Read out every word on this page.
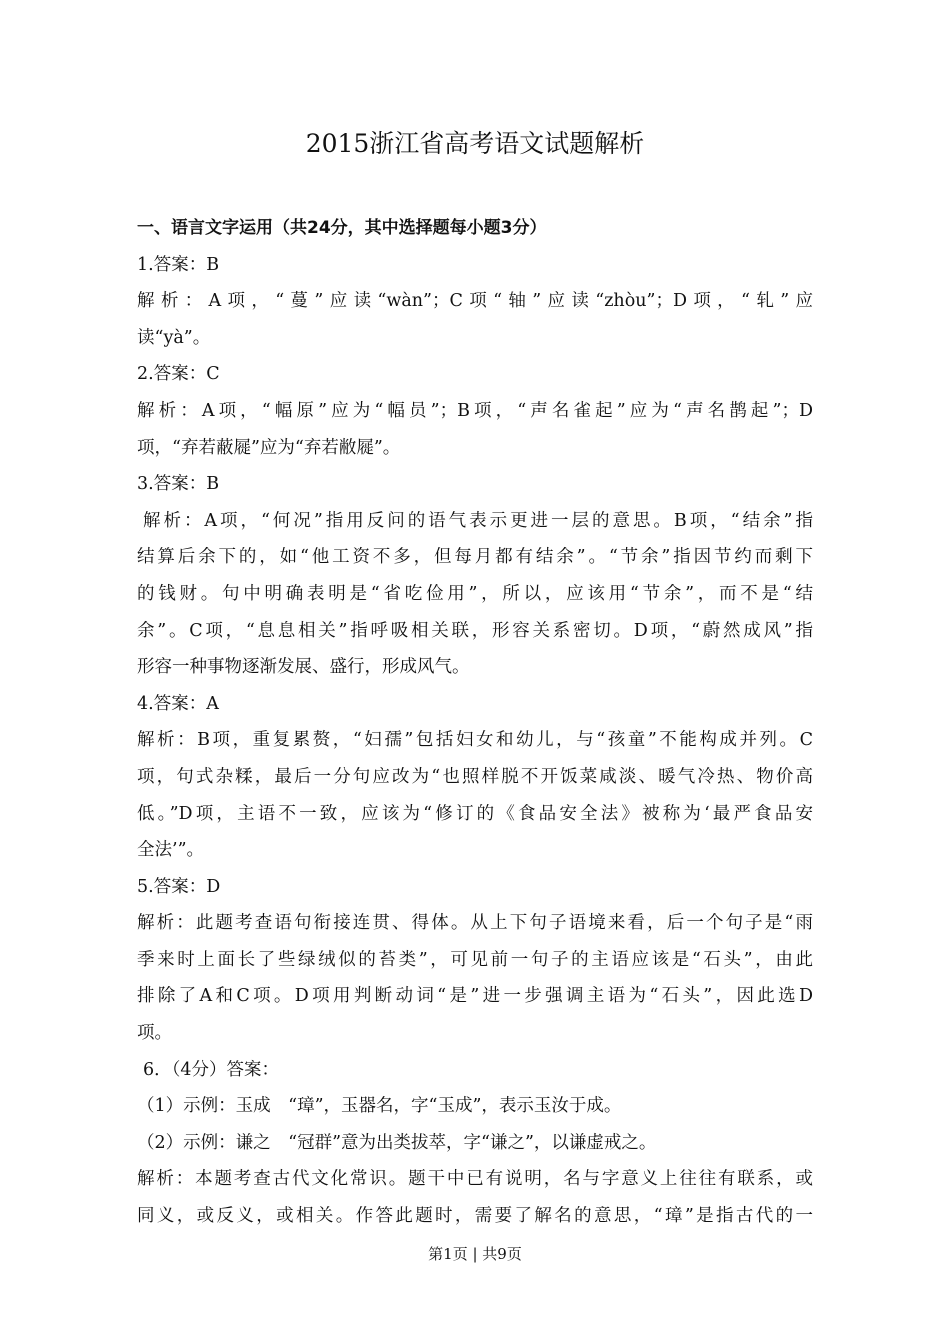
2015浙江省高考语文试题解析
一、语言文字运用（共24分，其中选择题每小题3分）
1.答案：B
解析：A项，“蔓”应读“wàn”；C项“轴”应读“zhòu”；D项，“轧”应
读“yà”。
2.答案：C
解析：A项，“幅原”应为“幅员”；B项，“声名雀起”应为“声名鹊起”；D
项，“弃若蔽屣”应为“弃若敝屣”。
3.答案：B
解析：A项，“何况”指用反问的语气表示更进一层的意思。B项，“结余”指
结算后余下的，如“他工资不多，但每月都有结余”。“节余”指因节约而剩下
的钱财。句中明确表明是“省吃俭用”，所以，应该用“节余”，而不是“结
余”。C项，“息息相关”指呼吸相关联，形容关系密切。D项，“蔚然成风”指
形容一种事物逐渐发展、盛行，形成风气。
4.答案：A
解析：B项，重复累赘，“妇孺”包括妇女和幼儿，与“孩童”不能构成并列。C
项，句式杂糅，最后一分句应改为“也照样脱不开饭菜咸淡、暖气冷热、物价高
低。”D项，主语不一致，应该为“修订的《食品安全法》被称为‘最严食品安
全法’”。
5.答案：D
解析：此题考查语句衔接连贯、得体。从上下句子语境来看，后一个句子是“雨
季来时上面长了些绿绒似的苔类”，可见前一句子的主语应该是“石头”，由此
排除了A和C项。D项用判断动词“是”进一步强调主语为“石头”，因此选D
项。
6．（4分）答案：
（1）示例：玉成　“璋”，玉器名，字“玉成”，表示玉汝于成。
（2）示例：谦之　“冠群”意为出类拔萃，字“谦之”，以谦虚戒之。
解析：本题考查古代文化常识。题干中已有说明，名与字意义上往往有联系，或
同义，或反义，或相关。作答此题时，需要了解名的意思，“璋”是指古代的一
第1页 | 共9页
